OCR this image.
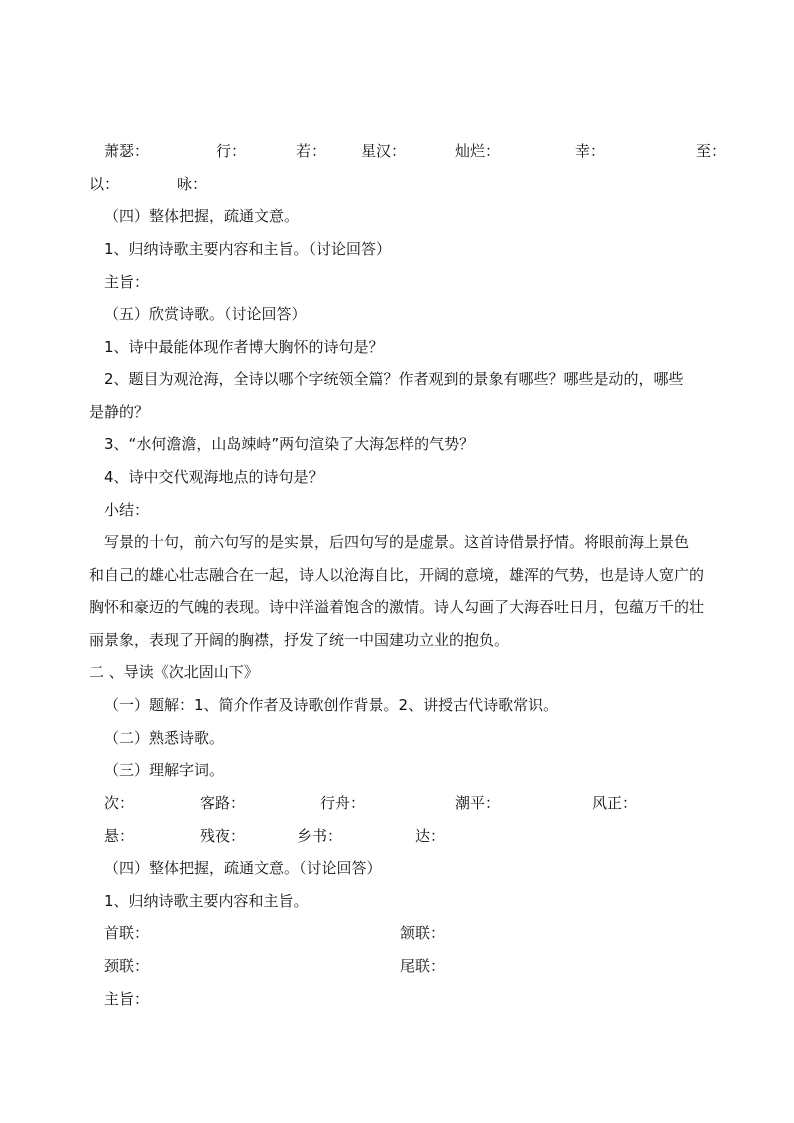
萧瑟：	行：	若： 星汉：	灿烂：	幸：	至：
以：	咏：
（四）整体把握，疏通文意。
1、归纳诗歌主要内容和主旨。（讨论回答）
主旨：
（五）欣赏诗歌。（讨论回答）
1、诗中最能体现作者博大胸怀的诗句是？
2、题目为观沧海，全诗以哪个字统领全篇？作者观到的景象有哪些？哪些是动的，哪些
是静的？
3、“水何澹澹，山岛竦峙”两句渲染了大海怎样的气势？
4、诗中交代观海地点的诗句是？
小结：
写景的十句，前六句写的是实景，后四句写的是虚景。这首诗借景抒情。将眼前海上景色
和自己的雄心壮志融合在一起，诗人以沧海自比，开阔的意境，雄浑的气势，也是诗人宽广的
胸怀和豪迈的气魄的表现。诗中洋溢着饱含的激情。诗人勾画了大海吞吐日月，包蕴万千的壮
丽景象，表现了开阔的胸襟，抒发了统一中国建功立业的抱负。
二 、导读《次北固山下》
（一）题解：1、简介作者及诗歌创作背景。2、讲授古代诗歌常识。
（二）熟悉诗歌。
（三）理解字词。
次：	客路：	行舟：	潮平：	风正：
悬：	残夜：	乡书：	达：
（四）整体把握，疏通文意。（讨论回答）
1、归纳诗歌主要内容和主旨。
首联：	颔联：
颈联：	尾联：
主旨：
